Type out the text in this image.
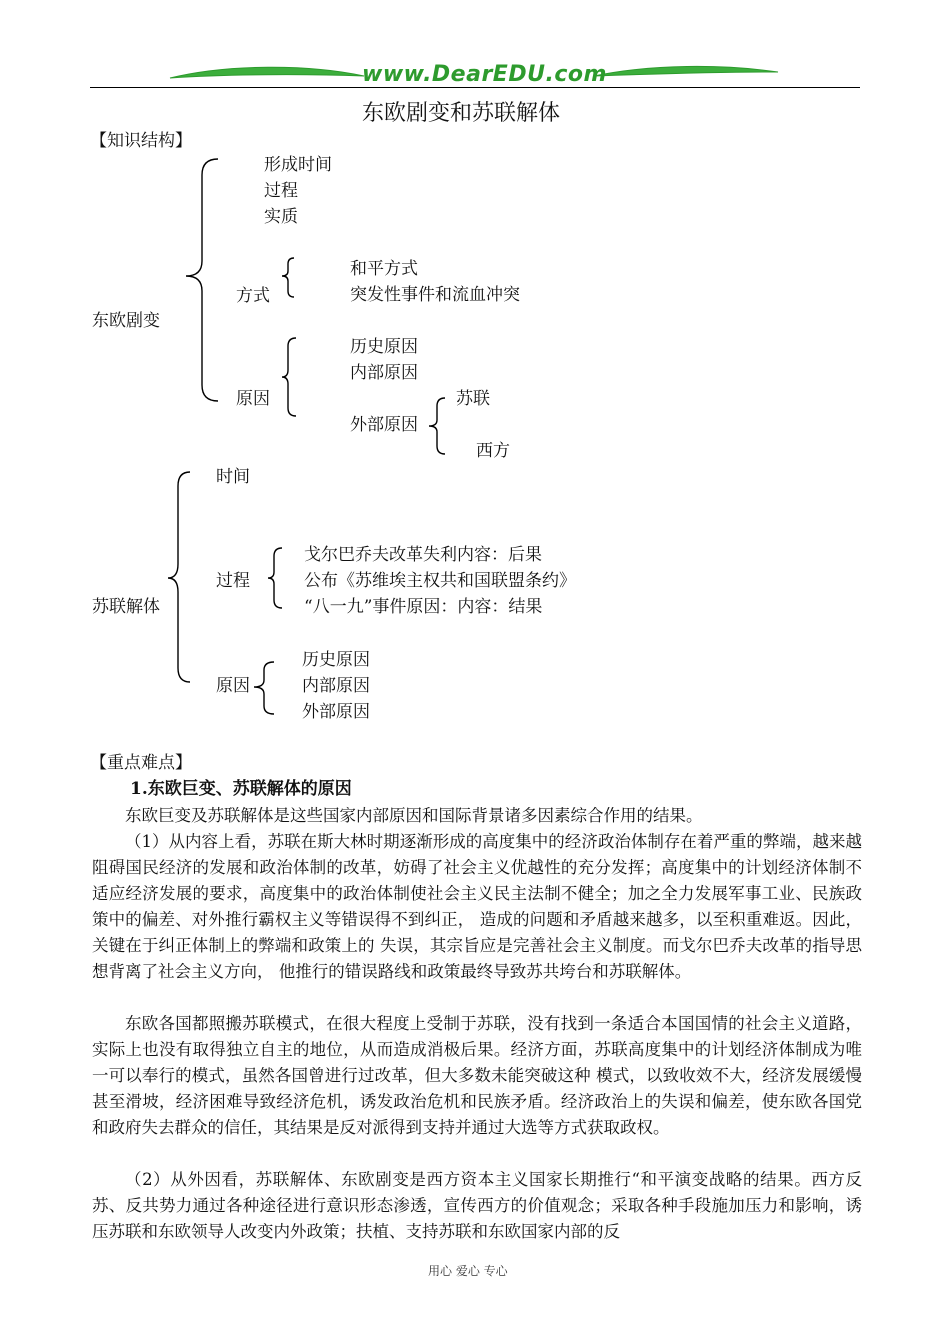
www.DearEDU.com
东欧剧变和苏联解体
【知识结构】
东欧剧变
形成时间
过程
实质
方式
和平方式
突发性事件和流血冲突
原因
历史原因
内部原因
外部原因
苏联
西方
苏联解体
时间
过程
戈尔巴乔夫改革失利内容：后果
公布《苏维埃主权共和国联盟条约》
“八一九”事件原因：内容：结果
原因
历史原因
内部原因
外部原因
【重点难点】
1.东欧巨变、苏联解体的原因

东欧巨变及苏联解体是这些国家内部原因和国际背景诸多因素综合作用的结果。

（1）从内容上看，苏联在斯大林时期逐渐形成的高度集中的经济政治体制存在着严重的弊端，越来越阻碍国民经济的发展和政治体制的改革，妨碍了社会主义优越性的充分发挥；高度集中的计划经济体制不适应经济发展的要求，高度集中的政治体制使社会主义民主法制不健全；加之全力发展军事工业、民族政策中的偏差、对外推行霸权主义等错误得不到纠正， 造成的问题和矛盾越来越多，以至积重难返。因此，关键在于纠正体制上的弊端和政策上的 失误，其宗旨应是完善社会主义制度。而戈尔巴乔夫改革的指导思想背离了社会主义方向， 他推行的错误路线和政策最终导致苏共垮台和苏联解体。

东欧各国都照搬苏联模式，在很大程度上受制于苏联，没有找到一条适合本国国情的社会主义道路，实际上也没有取得独立自主的地位，从而造成消极后果。经济方面，苏联高度集中的计划经济体制成为唯一可以奉行的模式，虽然各国曾进行过改革，但大多数未能突破这种 模式，以致收效不大，经济发展缓慢甚至滑坡，经济困难导致经济危机，诱发政治危机和民族矛盾。经济政治上的失误和偏差，使东欧各国党和政府失去群众的信任，其结果是反对派得到支持并通过大选等方式获取政权。

（2）从外因看，苏联解体、东欧剧变是西方资本主义国家长期推行“和平演变战略的结果。西方反苏、反共势力通过各种途径进行意识形态渗透，宣传西方的价值观念；采取各种手段施加压力和影响，诱压苏联和东欧领导人改变内外政策；扶植、支持苏联和东欧国家内部的反

用心 爱心 专心
